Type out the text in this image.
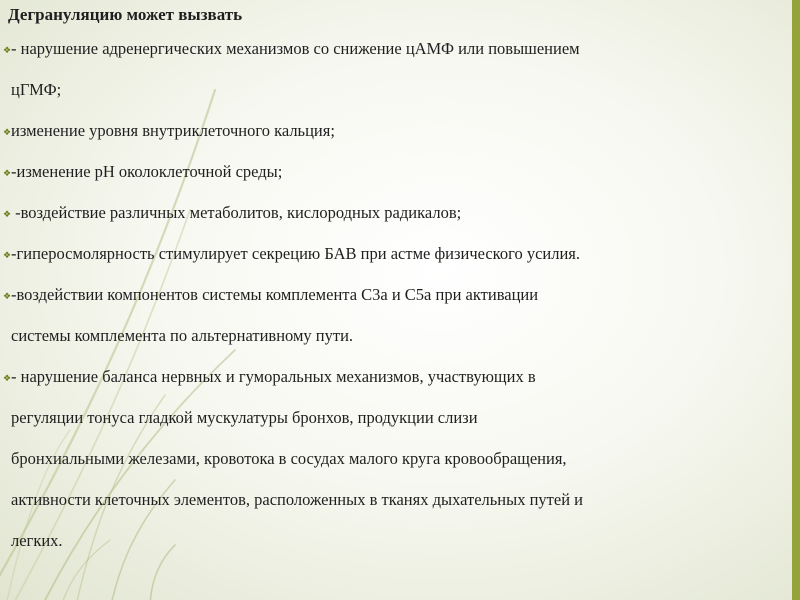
Дегрануляцию может вызвать

❖- нарушение адренергических механизмов со снижение цАМФ или повышением

цГМФ;

❖изменение уровня внутриклеточного кальция;

❖-изменение рН околоклеточной среды;

❖ -воздействие различных метаболитов, кислородных радикалов;

❖-гиперосмолярность стимулирует секрецию БАВ при астме физического усилия.

❖-воздействии компонентов системы комплемента С3а и С5а при активации

системы комплемента по альтернативному пути.

❖- нарушение баланса нервных и гуморальных механизмов, участвующих в

регуляции тонуса гладкой мускулатуры бронхов, продукции слизи

бронхиальными железами, кровотока в сосудах малого круга кровообращения,

активности клеточных элементов, расположенных в тканях дыхательных путей и

легких.
